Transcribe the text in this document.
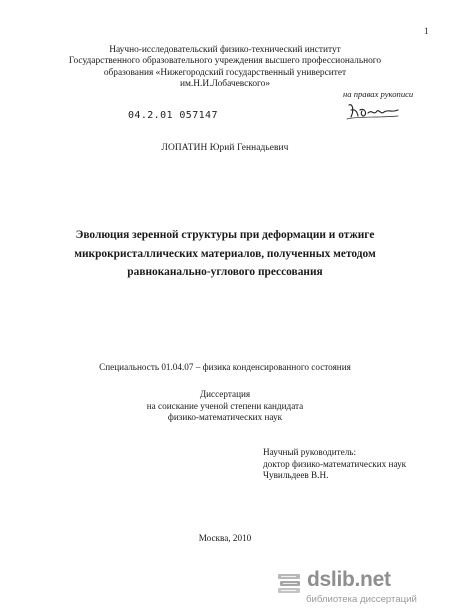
1
Научно-исследовательский физико-технический институт
Государственного образовательного учреждения высшего профессионального
образования «Нижегородский государственный университет
им.Н.И.Лобачевского»
на правах рукописи
04.2.01 057147
ЛОПАТИН Юрий Геннадьевич
Эволюция зеренной структуры при деформации и отжиге
микрокристаллических материалов, полученных методом
равноканально-углового прессования
Специальность 01.04.07 – физика конденсированного состояния
Диссертация
на соискание ученой степени кандидата
физико-математических наук
Научный руководитель:
доктор физико-математических наук
Чувильдеев В.Н.
Москва, 2010
dslib.net
библиотека диссертаций
